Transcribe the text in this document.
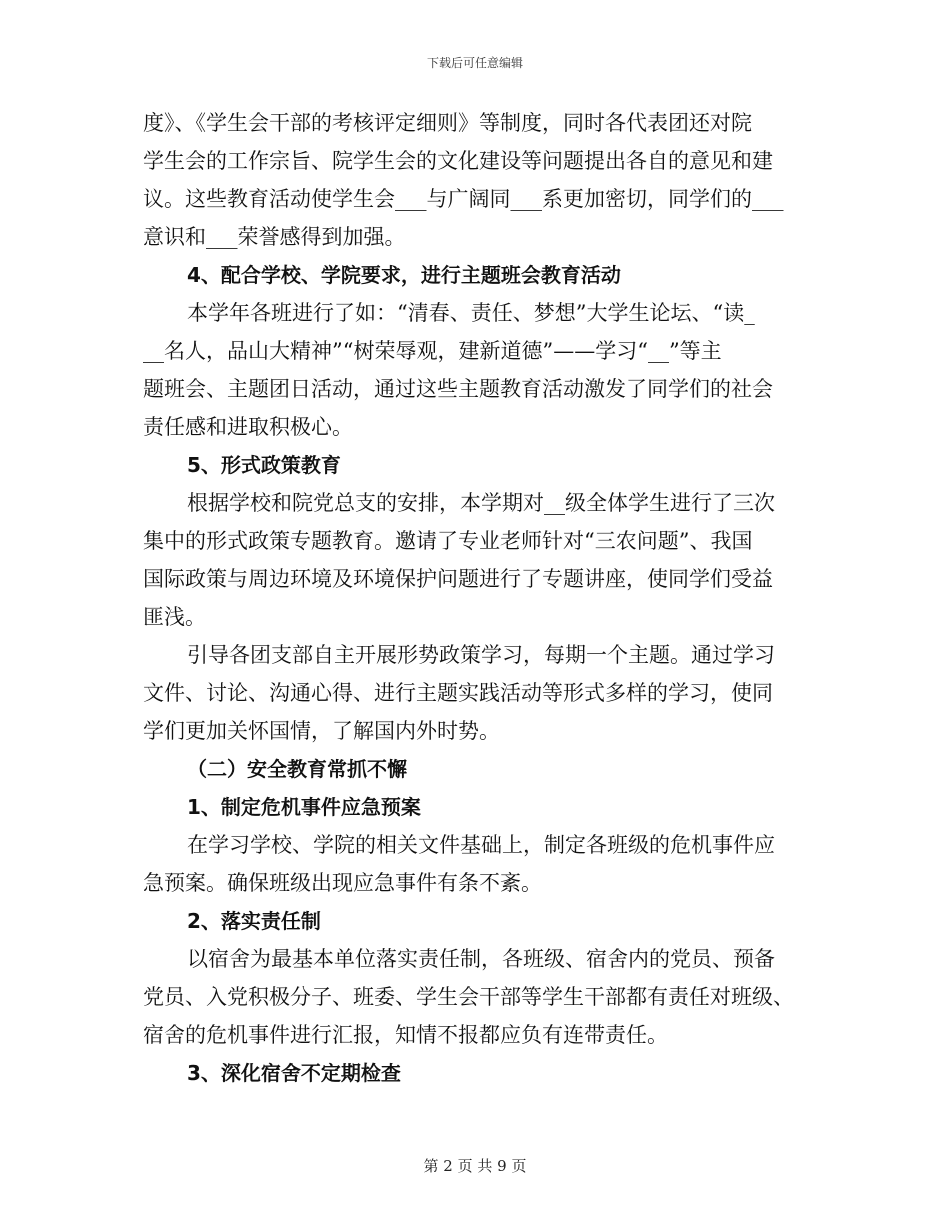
下载后可任意编辑
度》、《学生会干部的考核评定细则》等制度，同时各代表团还对院
学生会的工作宗旨、院学生会的文化建设等问题提出各自的意见和建
议。这些教育活动使学生会___与广阔同___系更加密切，同学们的___
意识和___荣誉感得到加强。
4、配合学校、学院要求，进行主题班会教育活动
本学年各班进行了如：“清春、责任、梦想”大学生论坛、“读_
__名人，品山大精神”“树荣辱观，建新道德”——学习“__”等主
题班会、主题团日活动，通过这些主题教育活动激发了同学们的社会
责任感和进取积极心。
5、形式政策教育
根据学校和院党总支的安排，本学期对__级全体学生进行了三次
集中的形式政策专题教育。邀请了专业老师针对“三农问题”、我国
国际政策与周边环境及环境保护问题进行了专题讲座，使同学们受益
匪浅。
引导各团支部自主开展形势政策学习，每期一个主题。通过学习
文件、讨论、沟通心得、进行主题实践活动等形式多样的学习，使同
学们更加关怀国情，了解国内外时势。
（二）安全教育常抓不懈
1、制定危机事件应急预案
在学习学校、学院的相关文件基础上，制定各班级的危机事件应
急预案。确保班级出现应急事件有条不紊。
2、落实责任制
以宿舍为最基本单位落实责任制，各班级、宿舍内的党员、预备
党员、入党积极分子、班委、学生会干部等学生干部都有责任对班级、
宿舍的危机事件进行汇报，知情不报都应负有连带责任。
3、深化宿舍不定期检查
第 2 页 共 9 页
